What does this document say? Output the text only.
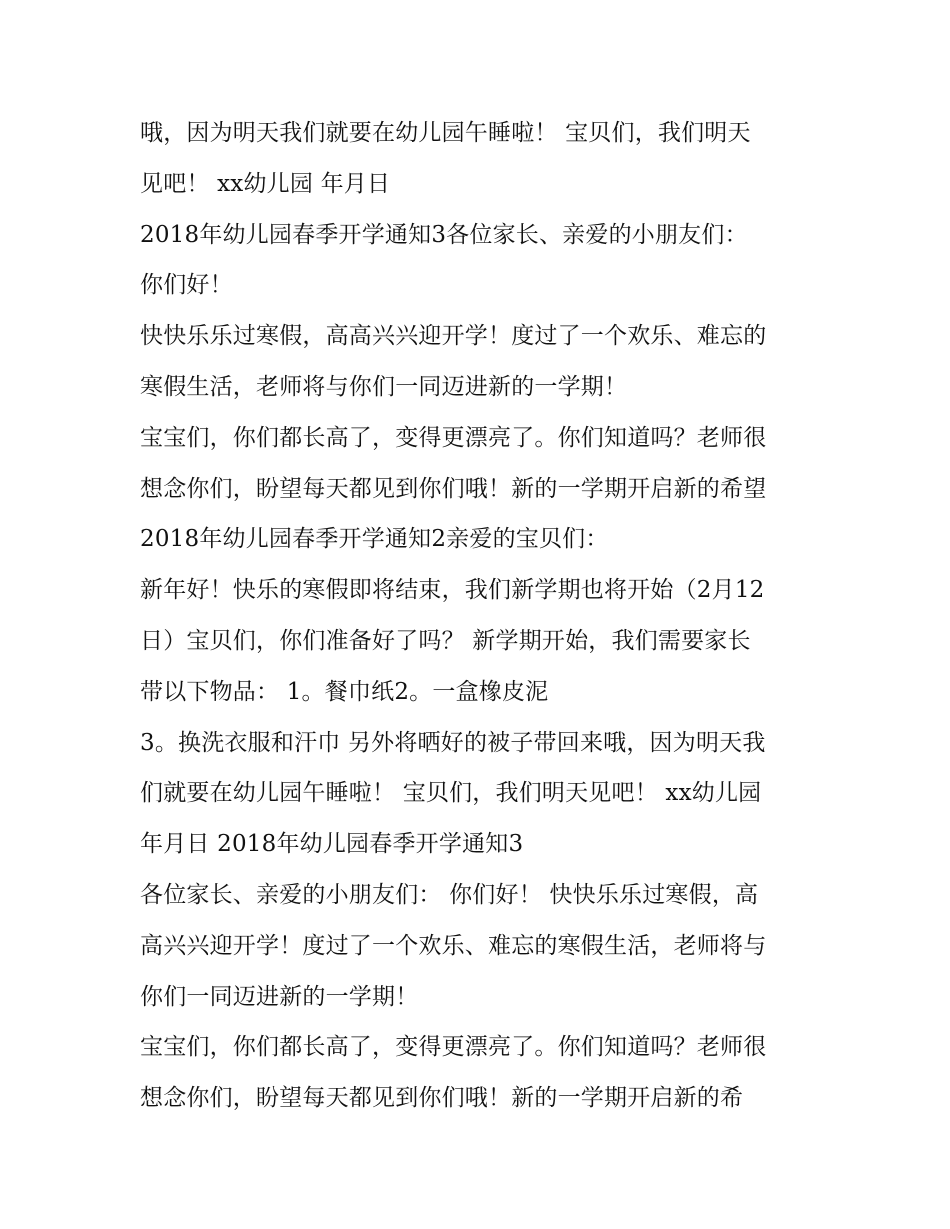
哦，因为明天我们就要在幼儿园午睡啦！ 宝贝们，我们明天
见吧！ xx幼儿园 年月日
2018年幼儿园春季开学通知3各位家长、亲爱的小朋友们：
你们好！
快快乐乐过寒假，高高兴兴迎开学！度过了一个欢乐、难忘的
寒假生活，老师将与你们一同迈进新的一学期！
宝宝们，你们都长高了，变得更漂亮了。你们知道吗？老师很
想念你们，盼望每天都见到你们哦！新的一学期开启新的希望
2018年幼儿园春季开学通知2亲爱的宝贝们：
新年好！快乐的寒假即将结束，我们新学期也将开始（2月12
日）宝贝们，你们准备好了吗？ 新学期开始，我们需要家长
带以下物品： 1。餐巾纸2。一盒橡皮泥
3。换洗衣服和汗巾 另外将晒好的被子带回来哦，因为明天我
们就要在幼儿园午睡啦！ 宝贝们，我们明天见吧！ xx幼儿园
年月日 2018年幼儿园春季开学通知3
各位家长、亲爱的小朋友们： 你们好！ 快快乐乐过寒假，高
高兴兴迎开学！度过了一个欢乐、难忘的寒假生活，老师将与
你们一同迈进新的一学期！
宝宝们，你们都长高了，变得更漂亮了。你们知道吗？老师很
想念你们，盼望每天都见到你们哦！新的一学期开启新的希
